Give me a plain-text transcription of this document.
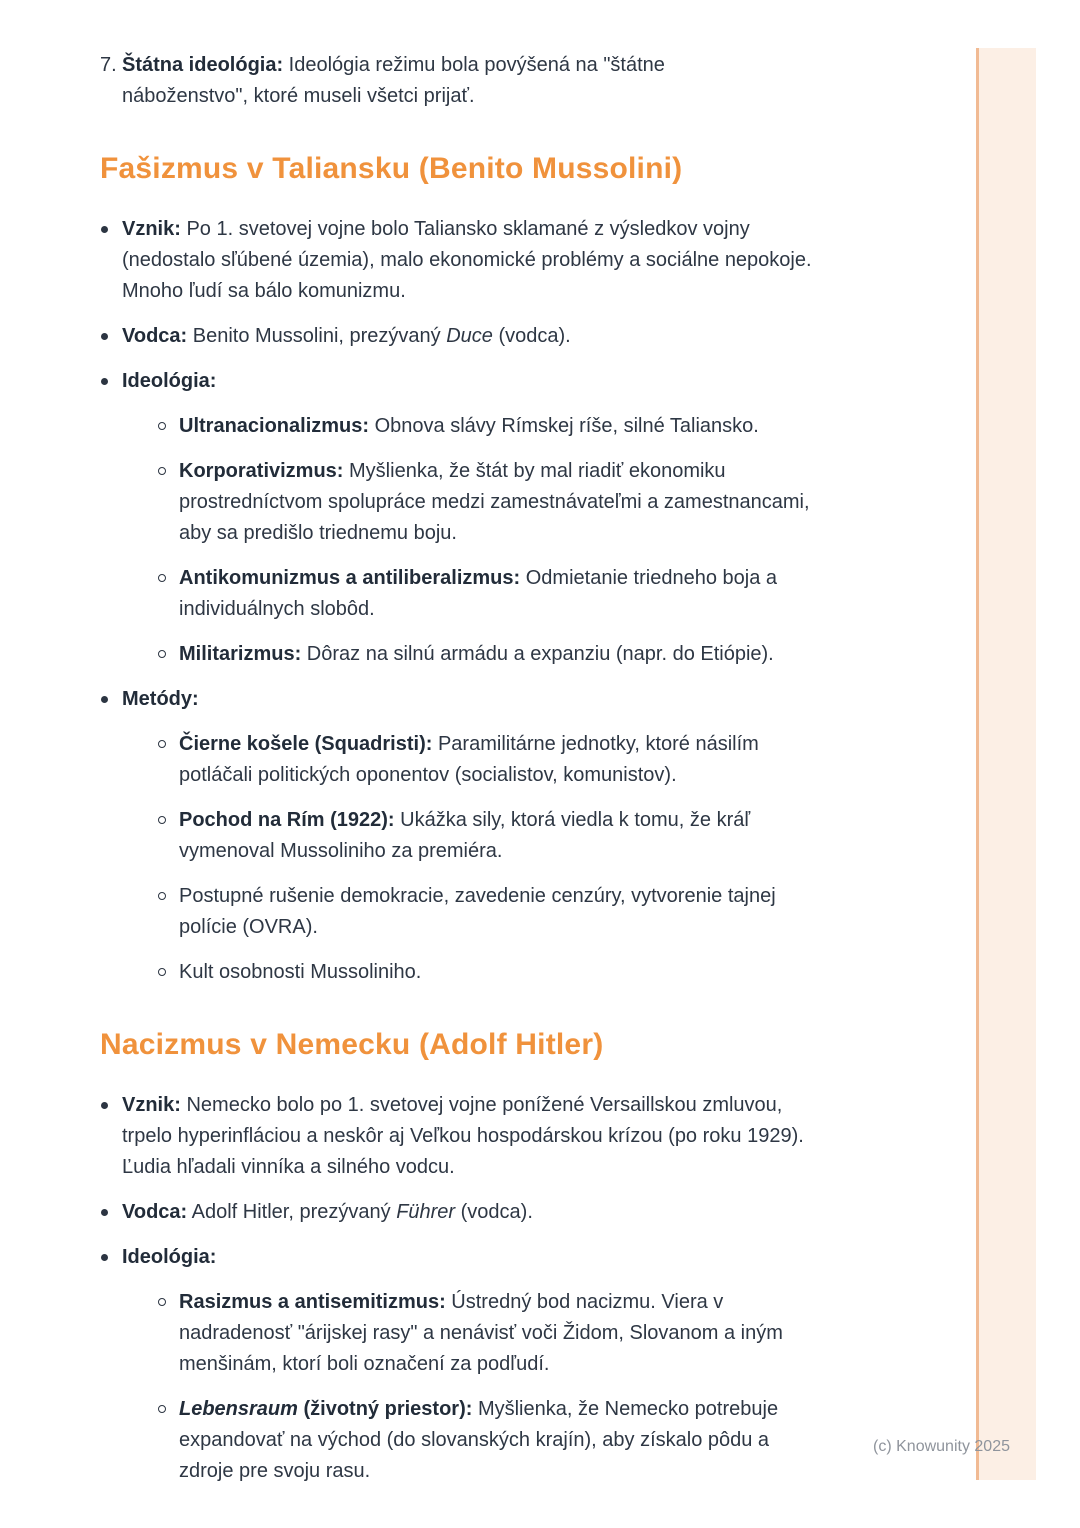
7. Štátna ideológia: Ideológia režimu bola povýšená na "štátne náboženstvo", ktoré museli všetci prijať.

Fašizmus v Taliansku (Benito Mussolini)
Vznik: Po 1. svetovej vojne bolo Taliansko sklamané z výsledkov vojny (nedostalo sľúbené územia), malo ekonomické problémy a sociálne nepokoje. Mnoho ľudí sa bálo komunizmu.
Vodca: Benito Mussolini, prezývaný Duce (vodca).
Ideológia:
Ultranacionalizmus: Obnova slávy Rímskej ríše, silné Taliansko.
Korporativizmus: Myšlienka, že štát by mal riadiť ekonomiku prostredníctvom spolupráce medzi zamestnávateľmi a zamestnancami, aby sa predišlo triednemu boju.
Antikomunizmus a antiliberalizmus: Odmietanie triedneho boja a individuálnych slobôd.
Militarizmus: Dôraz na silnú armádu a expanziu (napr. do Etiópie).
Metódy:
Čierne košele (Squadristi): Paramilitárne jednotky, ktoré násilím potláčali politických oponentov (socialistov, komunistov).
Pochod na Rím (1922): Ukážka sily, ktorá viedla k tomu, že kráľ vymenoval Mussoliniho za premiéra.
Postupné rušenie demokracie, zavedenie cenzúry, vytvorenie tajnej polície (OVRA).
Kult osobnosti Mussoliniho.
Nacizmus v Nemecku (Adolf Hitler)
Vznik: Nemecko bolo po 1. svetovej vojne ponížené Versaillskou zmluvou, trpelo hyperinfláciou a neskôr aj Veľkou hospodárskou krízou (po roku 1929). Ľudia hľadali vinníka a silného vodcu.
Vodca: Adolf Hitler, prezývaný Führer (vodca).
Ideológia:
Rasizmus a antisemitizmus: Ústredný bod nacizmu. Viera v nadradenosť "árijskej rasy" a nenávisť voči Židom, Slovanom a iným menšinám, ktorí boli označení za podľudí.
Lebensraum (životný priestor): Myšlienka, že Nemecko potrebuje expandovať na východ (do slovanských krajín), aby získalo pôdu a zdroje pre svoju rasu.
(c) Knowunity 2025
